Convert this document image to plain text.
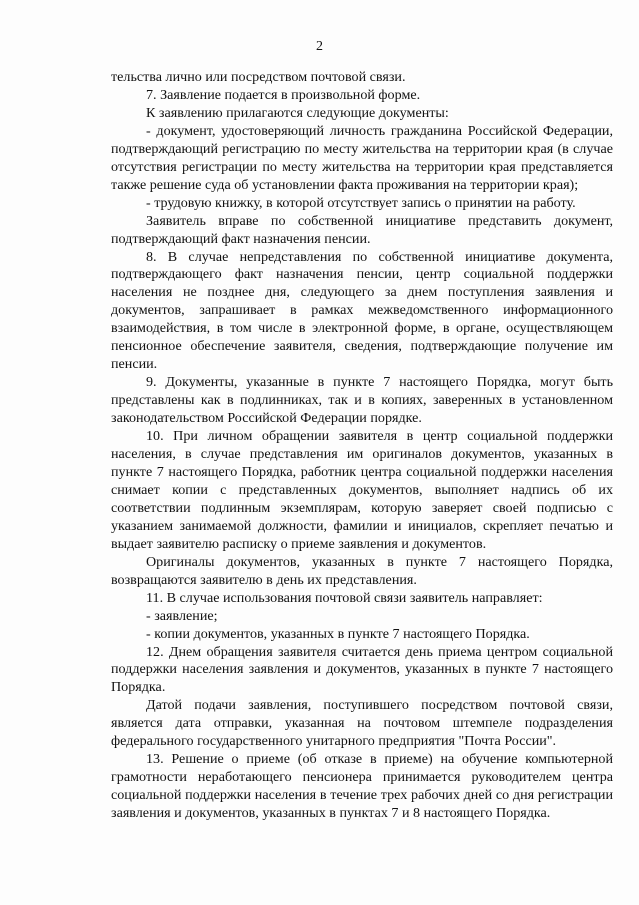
2

тельства лично или посредством почтовой связи.

7. Заявление подается в произвольной форме.

К заявлению прилагаются следующие документы:

- документ, удостоверяющий личность гражданина Российской Федерации, подтверждающий регистрацию по месту жительства на территории края (в случае отсутствия регистрации по месту жительства на территории края представляется также решение суда об установлении факта проживания на территории края);

- трудовую книжку, в которой отсутствует запись о принятии на работу.

Заявитель вправе по собственной инициативе представить документ, подтверждающий факт назначения пенсии.

8. В случае непредставления по собственной инициативе документа, подтверждающего факт назначения пенсии, центр социальной поддержки населения не позднее дня, следующего за днем поступления заявления и документов, запрашивает в рамках межведомственного информационного взаимодействия, в том числе в электронной форме, в органе, осуществляющем пенсионное обеспечение заявителя, сведения, подтверждающие получение им пенсии.

9. Документы, указанные в пункте 7 настоящего Порядка, могут быть представлены как в подлинниках, так и в копиях, заверенных в установленном законодательством Российской Федерации порядке.

10. При личном обращении заявителя в центр социальной поддержки населения, в случае представления им оригиналов документов, указанных в пункте 7 настоящего Порядка, работник центра социальной поддержки населения снимает копии с представленных документов, выполняет надпись об их соответствии подлинным экземплярам, которую заверяет своей подписью с указанием занимаемой должности, фамилии и инициалов, скрепляет печатью и выдает заявителю расписку о приеме заявления и документов.

Оригиналы документов, указанных в пункте 7 настоящего Порядка, возвращаются заявителю в день их представления.

11. В случае использования почтовой связи заявитель направляет:

- заявление;

- копии документов, указанных в пункте 7 настоящего Порядка.

12. Днем обращения заявителя считается день приема центром социальной поддержки населения заявления и документов, указанных в пункте 7 настоящего Порядка.

Датой подачи заявления, поступившего посредством почтовой связи, является дата отправки, указанная на почтовом штемпеле подразделения федерального государственного унитарного предприятия "Почта России".

13. Решение о приеме (об отказе в приеме) на обучение компьютерной грамотности неработающего пенсионера принимается руководителем центра социальной поддержки населения в течение трех рабочих дней со дня регистрации заявления и документов, указанных в пунктах 7 и 8 настоящего Порядка.
